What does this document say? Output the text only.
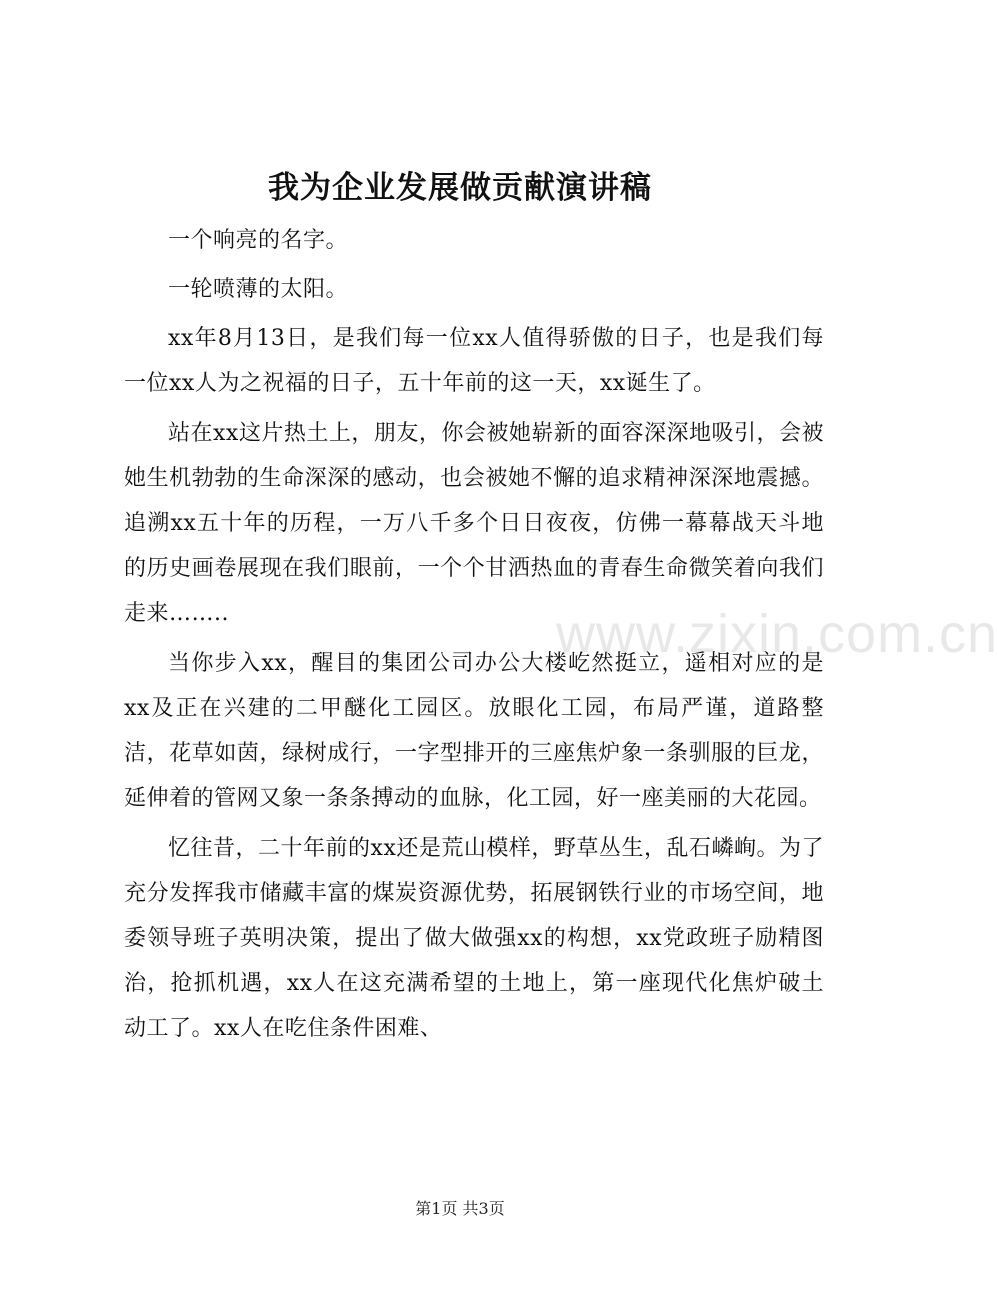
我为企业发展做贡献演讲稿

一个响亮的名字。

一轮喷薄的太阳。

xx年8月13日，是我们每一位xx人值得骄傲的日子，也是我们每一位xx人为之祝福的日子，五十年前的这一天，xx诞生了。

站在xx这片热土上，朋友，你会被她崭新的面容深深地吸引，会被她生机勃勃的生命深深的感动，也会被她不懈的追求精神深深地震撼。追溯xx五十年的历程，一万八千多个日日夜夜，仿佛一幕幕战天斗地的历史画卷展现在我们眼前，一个个甘洒热血的青春生命微笑着向我们走来……..

当你步入xx，醒目的集团公司办公大楼屹然挺立，遥相对应的是xx及正在兴建的二甲醚化工园区。放眼化工园，布局严谨，道路整洁，花草如茵，绿树成行，一字型排开的三座焦炉象一条驯服的巨龙，延伸着的管网又象一条条搏动的血脉，化工园，好一座美丽的大花园。

忆往昔，二十年前的xx还是荒山模样，野草丛生，乱石嶙峋。为了充分发挥我市储藏丰富的煤炭资源优势，拓展钢铁行业的市场空间，地委领导班子英明决策，提出了做大做强xx的构想，xx党政班子励精图治，抢抓机遇，xx人在这充满希望的土地上，第一座现代化焦炉破土动工了。xx人在吃住条件困难、

www.zixin.com.cn
第1页 共3页
